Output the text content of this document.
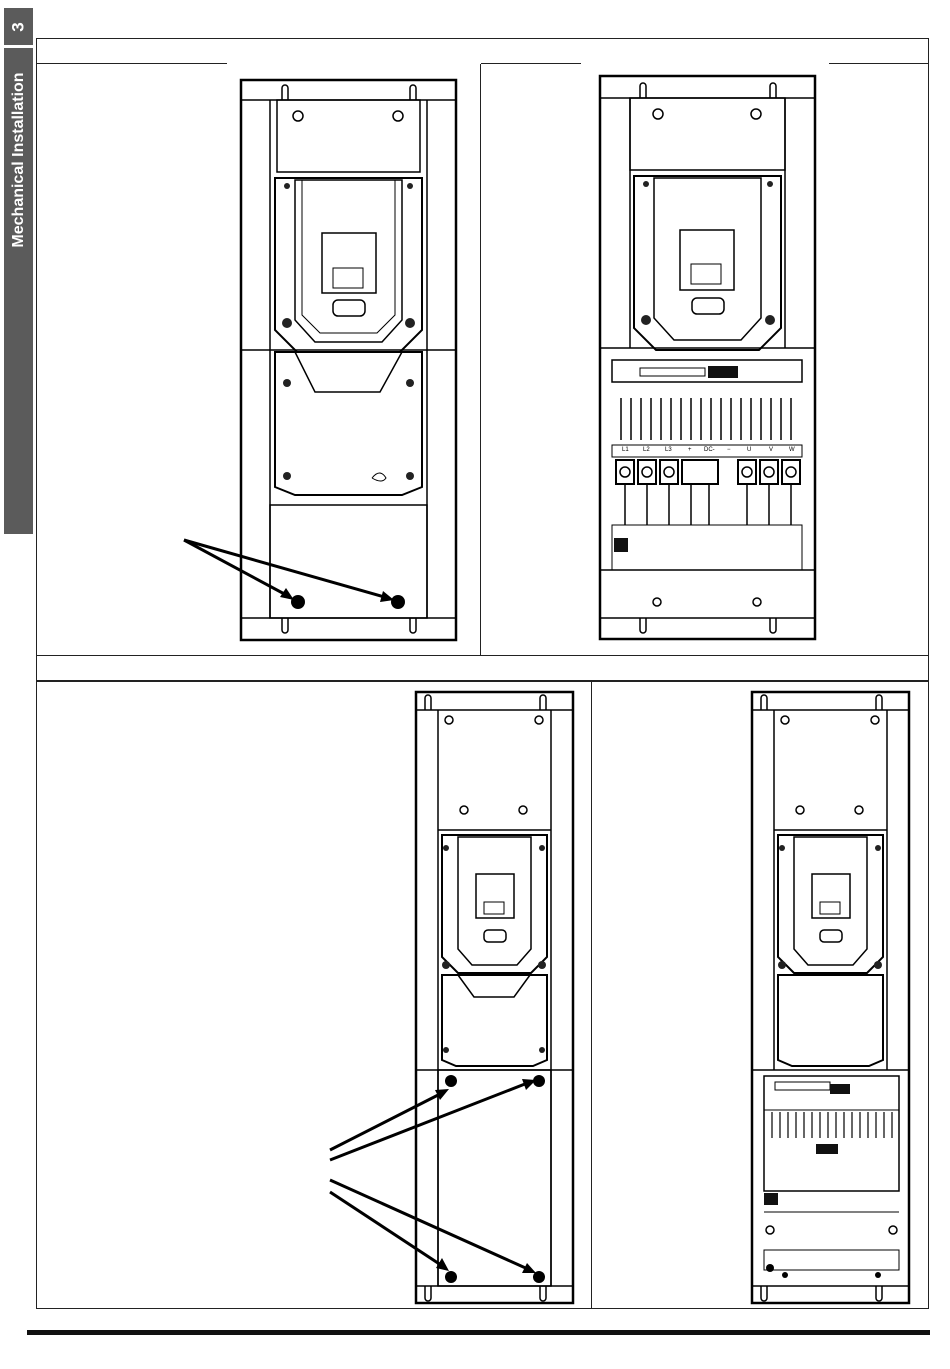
3
Mechanical Installation
L1 L2	L3	+ DC- −	U	V	W
